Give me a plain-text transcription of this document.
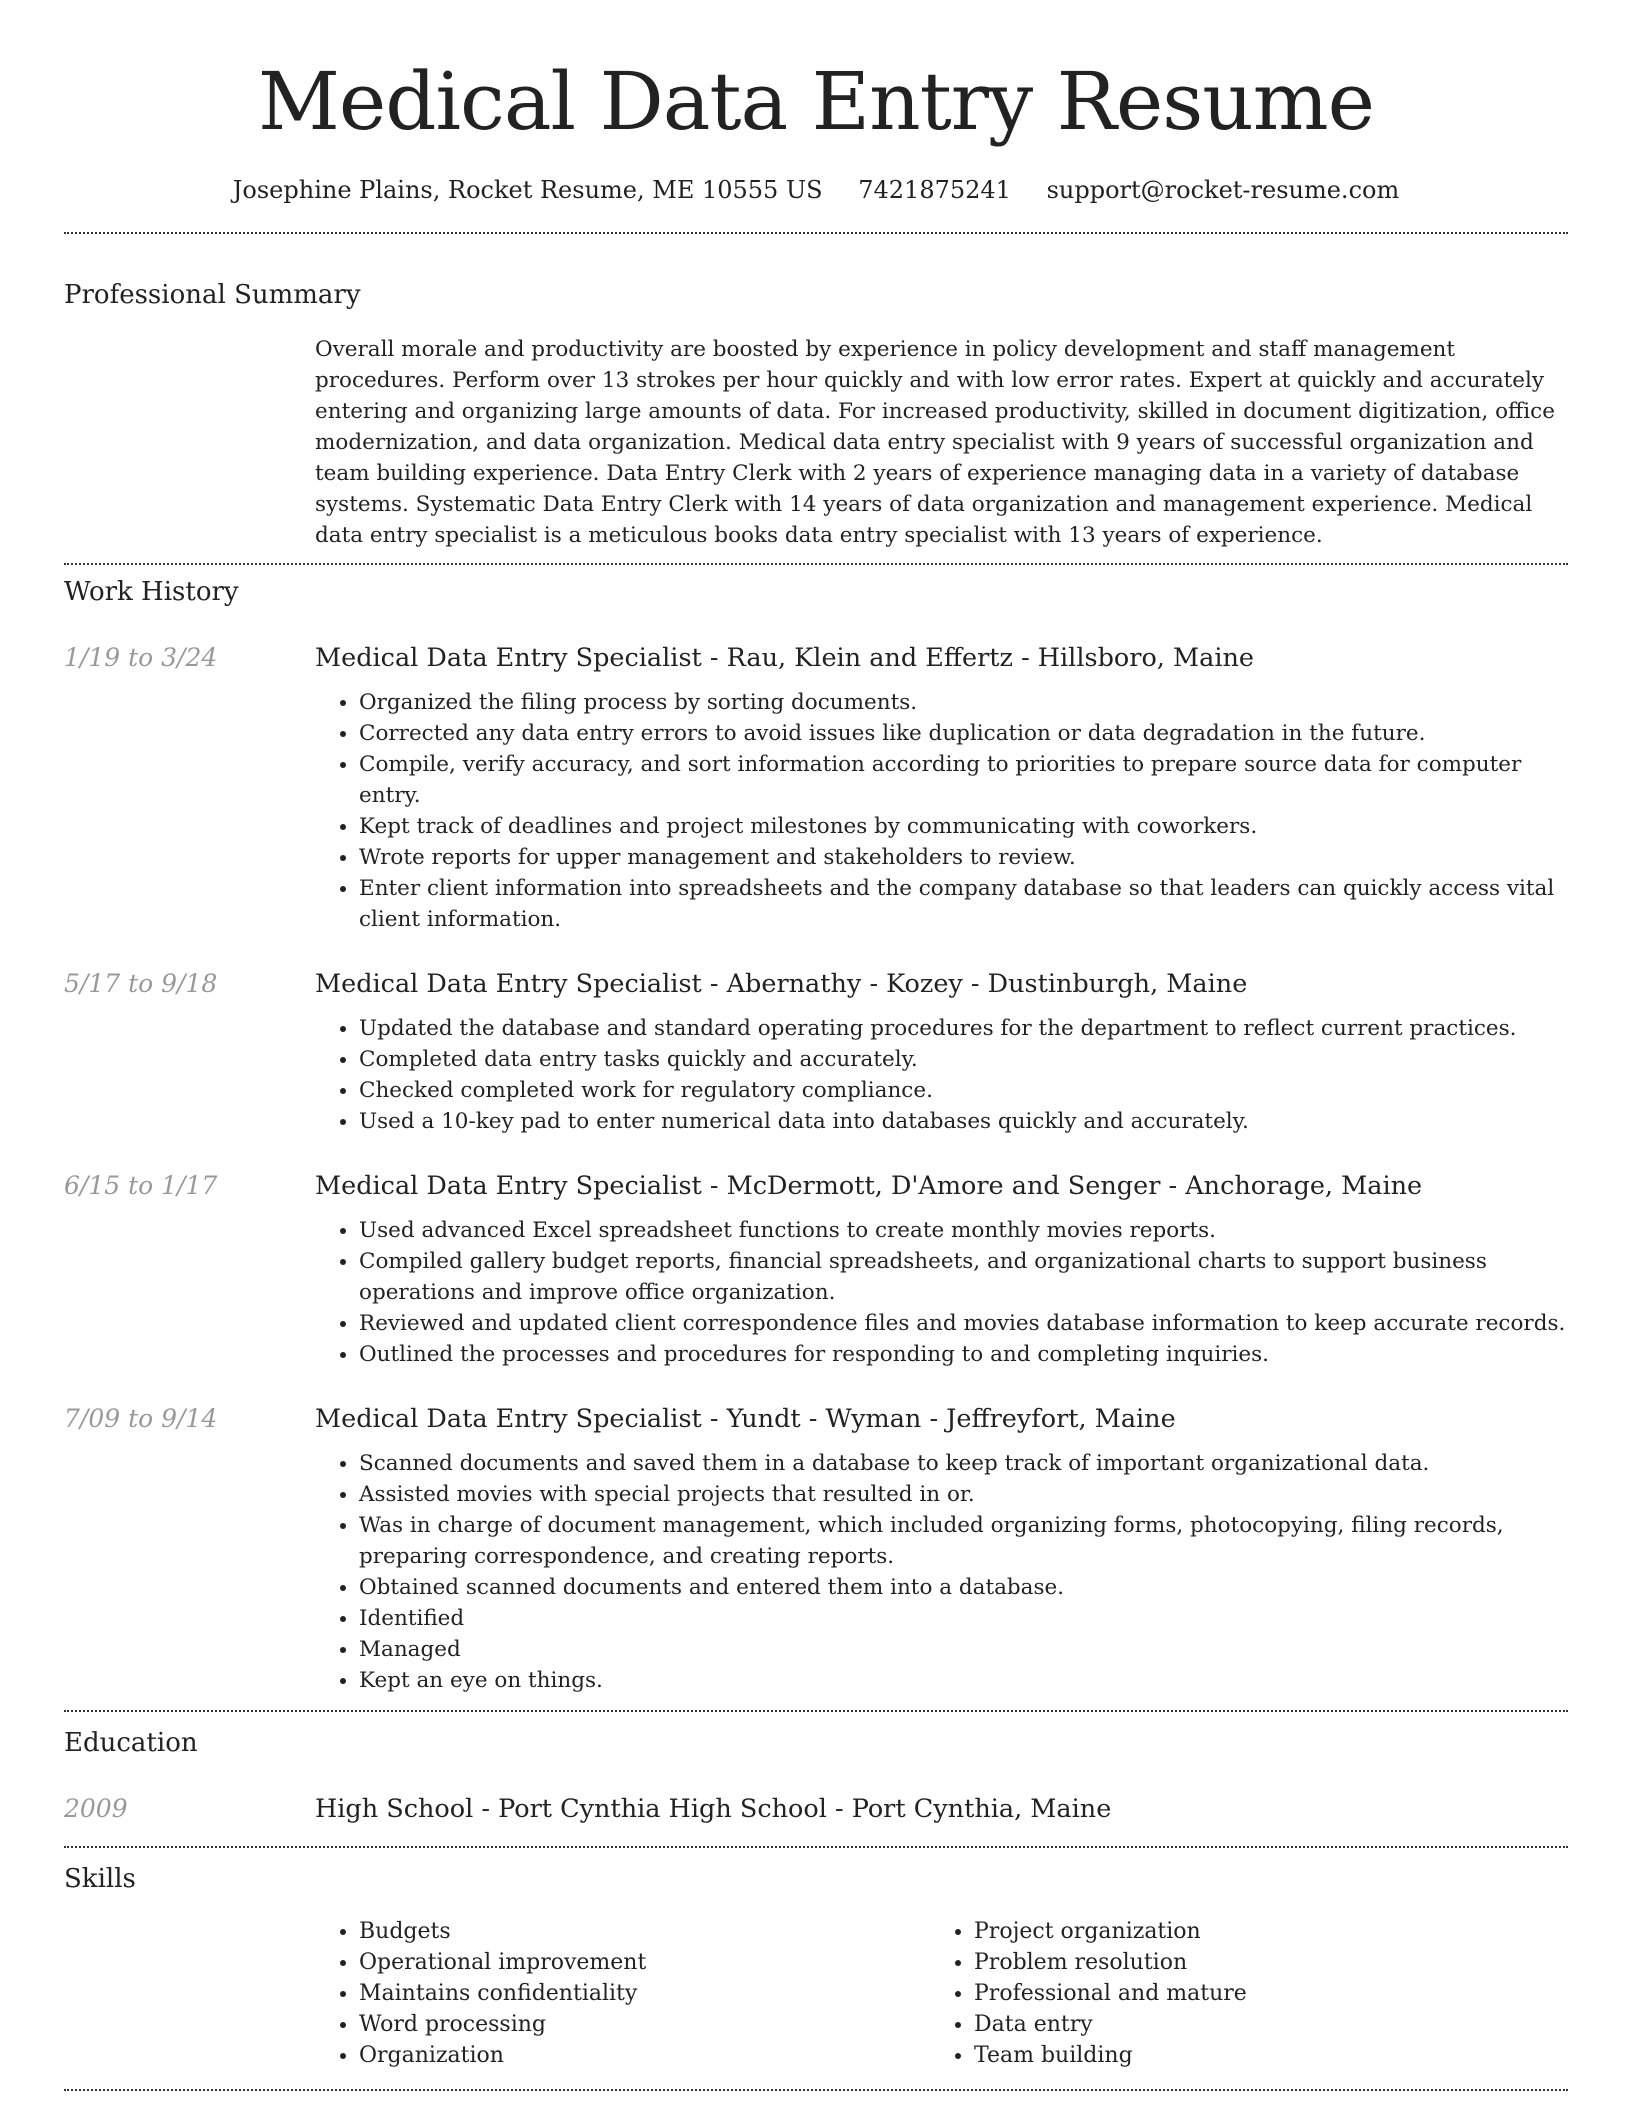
Medical Data Entry Resume
Josephine Plains, Rocket Resume, ME 10555 US 7421875241 support@rocket-resume.com
Professional Summary
Overall morale and productivity are boosted by experience in policy development and staff management procedures. Perform over 13 strokes per hour quickly and with low error rates. Expert at quickly and accurately entering and organizing large amounts of data. For increased productivity, skilled in document digitization, office modernization, and data organization. Medical data entry specialist with 9 years of successful organization and team building experience. Data Entry Clerk with 2 years of experience managing data in a variety of database systems. Systematic Data Entry Clerk with 14 years of data organization and management experience. Medical data entry specialist is a meticulous books data entry specialist with 13 years of experience.
Work History
1/19 to 3/24	Medical Data Entry Specialist - Rau, Klein and Effertz - Hillsboro, Maine
• Organized the filing process by sorting documents.
• Corrected any data entry errors to avoid issues like duplication or data degradation in the future.
• Compile, verify accuracy, and sort information according to priorities to prepare source data for computer entry.
• Kept track of deadlines and project milestones by communicating with coworkers.
• Wrote reports for upper management and stakeholders to review.
• Enter client information into spreadsheets and the company database so that leaders can quickly access vital client information.
5/17 to 9/18	Medical Data Entry Specialist - Abernathy - Kozey - Dustinburgh, Maine
• Updated the database and standard operating procedures for the department to reflect current practices.
• Completed data entry tasks quickly and accurately.
• Checked completed work for regulatory compliance.
• Used a 10-key pad to enter numerical data into databases quickly and accurately.
6/15 to 1/17	Medical Data Entry Specialist - McDermott, D'Amore and Senger - Anchorage, Maine
• Used advanced Excel spreadsheet functions to create monthly movies reports.
• Compiled gallery budget reports, financial spreadsheets, and organizational charts to support business operations and improve office organization.
• Reviewed and updated client correspondence files and movies database information to keep accurate records.
• Outlined the processes and procedures for responding to and completing inquiries.
7/09 to 9/14	Medical Data Entry Specialist - Yundt - Wyman - Jeffreyfort, Maine
• Scanned documents and saved them in a database to keep track of important organizational data.
• Assisted movies with special projects that resulted in or.
• Was in charge of document management, which included organizing forms, photocopying, filing records, preparing correspondence, and creating reports.
• Obtained scanned documents and entered them into a database.
• Identified
• Managed
• Kept an eye on things.
Education
2009	High School - Port Cynthia High School - Port Cynthia, Maine
Skills
• Budgets
• Operational improvement
• Maintains confidentiality
• Word processing
• Organization
• Project organization
• Problem resolution
• Professional and mature
• Data entry
• Team building
